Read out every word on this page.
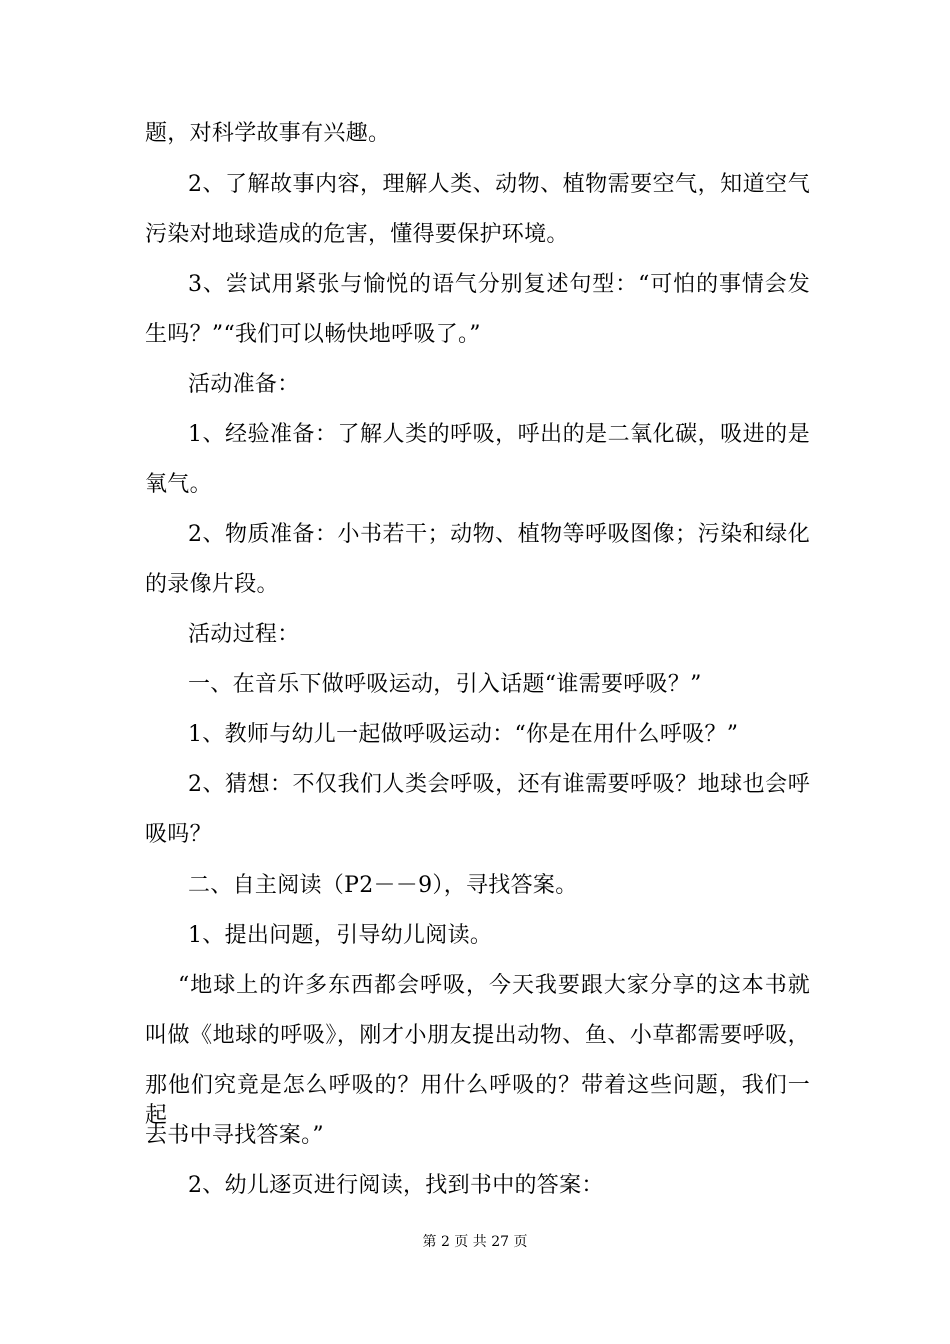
题，对科学故事有兴趣。
2、了解故事内容，理解人类、动物、植物需要空气，知道空气
污染对地球造成的危害，懂得要保护环境。
3、尝试用紧张与愉悦的语气分别复述句型：“可怕的事情会发
生吗？”“我们可以畅快地呼吸了。”
活动准备：
1、经验准备：了解人类的呼吸，呼出的是二氧化碳，吸进的是
氧气。
2、物质准备：小书若干；动物、植物等呼吸图像；污染和绿化
的录像片段。
活动过程：
一、在音乐下做呼吸运动，引入话题“谁需要呼吸？”
1、教师与幼儿一起做呼吸运动：“你是在用什么呼吸？”
2、猜想：不仅我们人类会呼吸，还有谁需要呼吸？地球也会呼
吸吗？
二、自主阅读（P2－－9），寻找答案。
1、提出问题，引导幼儿阅读。
“地球上的许多东西都会呼吸，今天我要跟大家分享的这本书就
叫做《地球的呼吸》，刚才小朋友提出动物、鱼、小草都需要呼吸，
那他们究竟是怎么呼吸的？用什么呼吸的？带着这些问题，我们一起
去书中寻找答案。”
2、幼儿逐页进行阅读，找到书中的答案：
第 2 页 共 27 页
